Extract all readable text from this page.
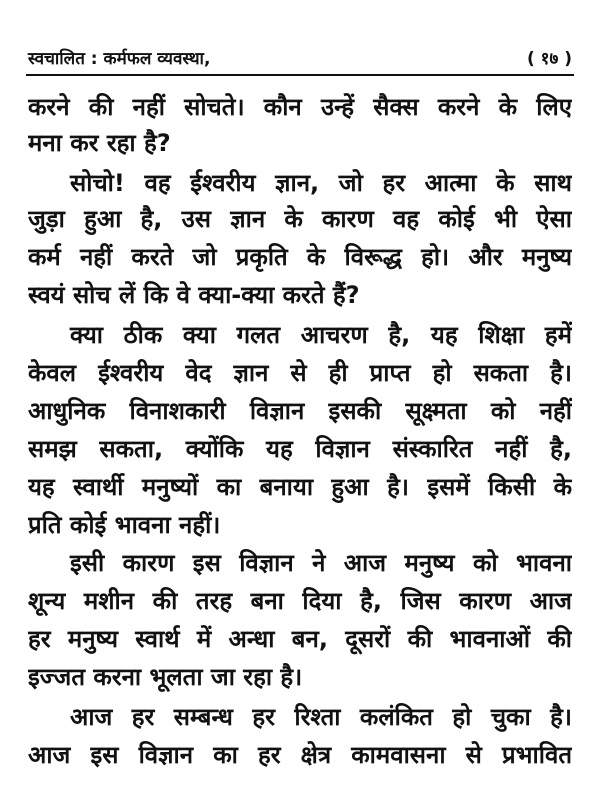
स्वचालित : कर्मफल व्यवस्था,	( १७ )
करने की नहीं सोचते। कौन उन्हें सैक्स करने के लिए
मना कर रहा है?
सोचो! वह ईश्वरीय ज्ञान, जो हर आत्मा के साथ
जुड़ा हुआ है, उस ज्ञान के कारण वह कोई भी ऐसा
कर्म नहीं करते जो प्रकृति के विरूद्ध हो। और मनुष्य
स्वयं सोच लें कि वे क्या-क्या करते हैं?
क्या ठीक क्या गलत आचरण है, यह शिक्षा हमें
केवल ईश्वरीय वेद ज्ञान से ही प्राप्त हो सकता है।
आधुनिक विनाशकारी विज्ञान इसकी सूक्ष्मता को नहीं
समझ सकता, क्योंकि यह विज्ञान संस्कारित नहीं है,
यह स्वार्थी मनुष्यों का बनाया हुआ है। इसमें किसी के
प्रति कोई भावना नहीं।
इसी कारण इस विज्ञान ने आज मनुष्य को भावना
शून्य मशीन की तरह बना दिया है, जिस कारण आज
हर मनुष्य स्वार्थ में अन्धा बन, दूसरों की भावनाओं की
इज्जत करना भूलता जा रहा है।
आज हर सम्बन्ध हर रिश्ता कलंकित हो चुका है।
आज इस विज्ञान का हर क्षेत्र कामवासना से प्रभावित
